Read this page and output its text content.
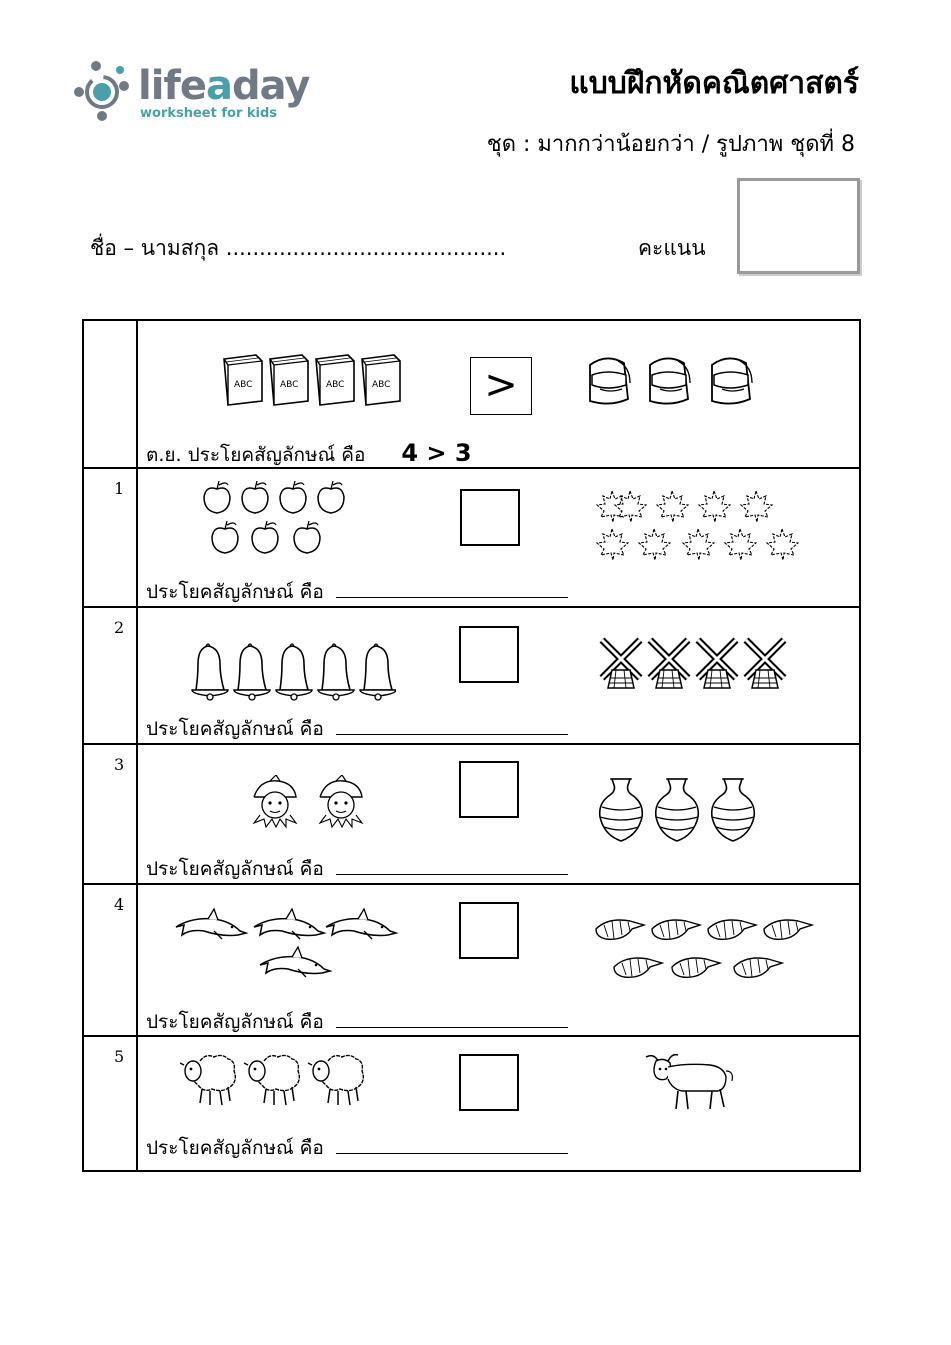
lifeaday
worksheet for kids
แบบฝึกหัดคณิตศาสตร์
ชุด : มากกว่าน้อยกว่า / รูปภาพ ชุดที่ 8
ชื่อ – นามสกุล ..........................................	คะแนน
ABC	>
ต.ย. ประโยคสัญลักษณ์ คือ 4 > 3
1
ประโยคสัญลักษณ์ คือ
2
ประโยคสัญลักษณ์ คือ
3
ประโยคสัญลักษณ์ คือ
4
ประโยคสัญลักษณ์ คือ
5
ประโยคสัญลักษณ์ คือ
